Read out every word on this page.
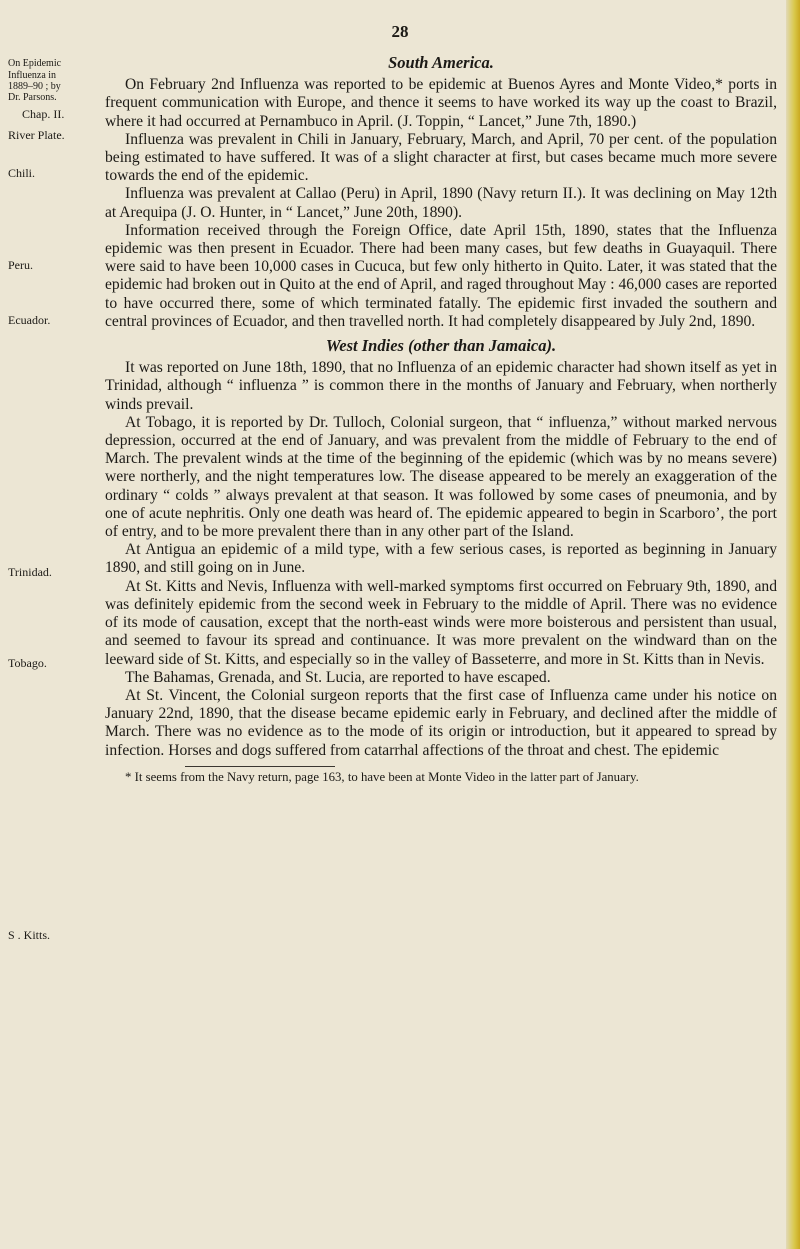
28
On Epidemic
Influenza in
1889–90 ; by
Dr. Parsons.
Chap. II.
River Plate.
Chili.
Peru.
Ecuador.
Trinidad.
Tobago.
S . Kitts.
South America.

On February 2nd Influenza was reported to be epidemic at Buenos Ayres and Monte Video,* ports in frequent communication with Europe, and thence it seems to have worked its way up the coast to Brazil, where it had occurred at Pernambuco in April. (J. Toppin, “ Lancet,” June 7th, 1890.)

Influenza was prevalent in Chili in January, February, March, and April, 70 per cent. of the population being estimated to have suffered. It was of a slight character at first, but cases became much more severe towards the end of the epidemic.

Influenza was prevalent at Callao (Peru) in April, 1890 (Navy return II.). It was declining on May 12th at Arequipa (J. O. Hunter, in “ Lancet,” June 20th, 1890).

Information received through the Foreign Office, date April 15th, 1890, states that the Influenza epidemic was then present in Ecuador. There had been many cases, but few deaths in Guayaquil. There were said to have been 10,000 cases in Cucuca, but few only hitherto in Quito. Later, it was stated that the epidemic had broken out in Quito at the end of April, and raged throughout May : 46,000 cases are reported to have occurred there, some of which terminated fatally. The epidemic first invaded the southern and central provinces of Ecuador, and then travelled north. It had completely disappeared by July 2nd, 1890.

West Indies (other than Jamaica).

It was reported on June 18th, 1890, that no Influenza of an epidemic character had shown itself as yet in Trinidad, although “ influenza ” is common there in the months of January and February, when northerly winds prevail.

At Tobago, it is reported by Dr. Tulloch, Colonial surgeon, that “ influenza,” without marked nervous depression, occurred at the end of January, and was prevalent from the middle of February to the end of March. The prevalent winds at the time of the beginning of the epidemic (which was by no means severe) were northerly, and the night temperatures low. The disease appeared to be merely an exaggeration of the ordinary “ colds ” always prevalent at that season. It was followed by some cases of pneumonia, and by one of acute nephritis. Only one death was heard of. The epidemic appeared to begin in Scarboro’, the port of entry, and to be more prevalent there than in any other part of the Island.

At Antigua an epidemic of a mild type, with a few serious cases, is reported as beginning in January 1890, and still going on in June.

At St. Kitts and Nevis, Influenza with well-marked symptoms first occurred on February 9th, 1890, and was definitely epidemic from the second week in February to the middle of April. There was no evidence of its mode of causation, except that the north-east winds were more boisterous and persistent than usual, and seemed to favour its spread and continuance. It was more prevalent on the windward than on the leeward side of St. Kitts, and especially so in the valley of Basseterre, and more in St. Kitts than in Nevis.

The Bahamas, Grenada, and St. Lucia, are reported to have escaped.

At St. Vincent, the Colonial surgeon reports that the first case of Influenza came under his notice on January 22nd, 1890, that the disease became epidemic early in February, and declined after the middle of March. There was no evidence as to the mode of its origin or introduction, but it appeared to spread by infection. Horses and dogs suffered from catarrhal affections of the throat and chest. The epidemic

* It seems from the Navy return, page 163, to have been at Monte Video in the latter part of January.
